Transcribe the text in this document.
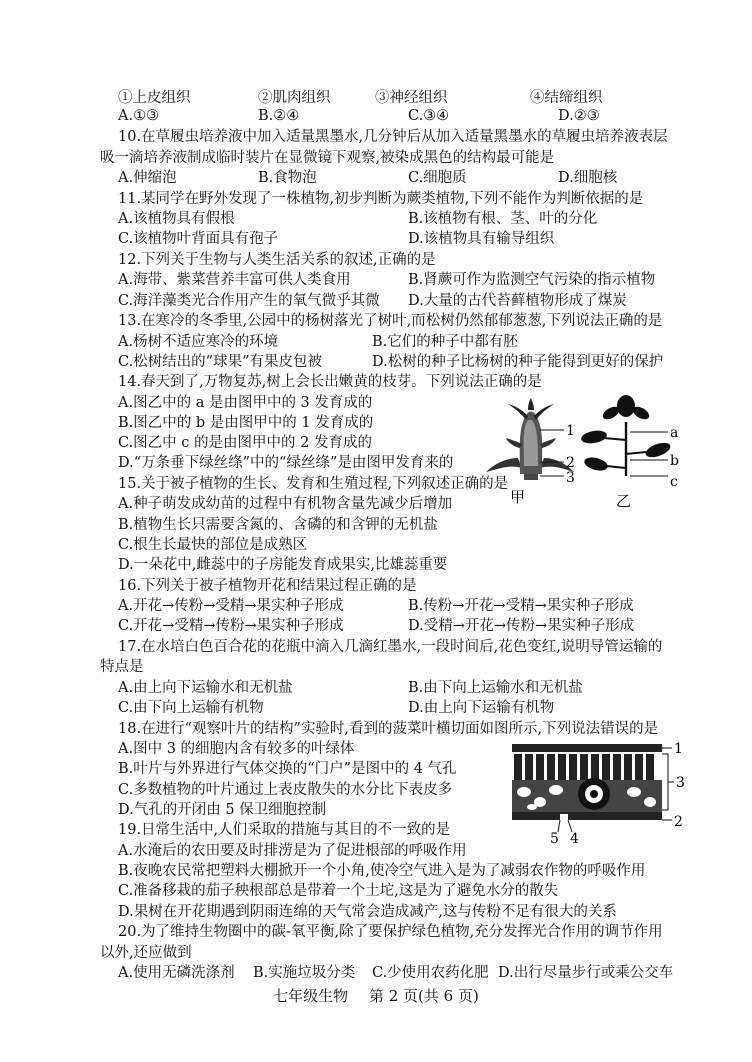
①上皮组织	②肌肉组织	③神经组织	④结缔组织
A.①③	B.②④	C.③④	D.②③
10.在草履虫培养液中加入适量黑墨水,几分钟后从加入适量黑墨水的草履虫培养液表层
吸一滴培养液制成临时装片在显微镜下观察,被染成黑色的结构最可能是
A.伸缩泡	B.食物泡	C.细胞质	D.细胞核
11.某同学在野外发现了一株植物,初步判断为蕨类植物,下列不能作为判断依据的是
A.该植物具有假根	B.该植物有根、茎、叶的分化
C.该植物叶背面具有孢子	D.该植物具有输导组织
12.下列关于生物与人类生活关系的叙述,正确的是
A.海带、紫菜营养丰富可供人类食用	B.肾蕨可作为监测空气污染的指示植物
C.海洋藻类光合作用产生的氧气微乎其微 D.大量的古代苔藓植物形成了煤炭
13.在寒冷的冬季里,公园中的杨树落光了树叶,而松树仍然郁郁葱葱,下列说法正确的是
A.杨树不适应寒冷的环境	B.它们的种子中都有胚
C.松树结出的“球果”有果皮包被	D.松树的种子比杨树的种子能得到更好的保护
14.春天到了,万物复苏,树上会长出嫩黄的枝芽。下列说法正确的是
A.图乙中的 a 是由图甲中的 3 发育成的
B.图乙中的 b 是由图甲中的 1 发育成的
C.图乙中 c 的是由图甲中的 2 发育成的
D.“万条垂下绿丝绦”中的“绿丝绦”是由图甲发育来的
1
2
3
甲
a
b
c
乙
15.关于被子植物的生长、发育和生殖过程,下列叙述正确的是
A.种子萌发成幼苗的过程中有机物含量先减少后增加
B.植物生长只需要含氮的、含磷的和含钾的无机盐
C.根生长最快的部位是成熟区
D.一朵花中,雌蕊中的子房能发育成果实,比雄蕊重要
16.下列关于被子植物开花和结果过程正确的是
A.开花→传粉→受精→果实种子形成	B.传粉→开花→受精→果实种子形成
C.开花→受精→传粉→果实种子形成	D.受精→开花→传粉→果实种子形成
17.在水培白色百合花的花瓶中滴入几滴红墨水,一段时间后,花色变红,说明导管运输的
特点是
A.由上向下运输水和无机盐	B.由下向上运输水和无机盐
C.由下向上运输有机物	D.由上向下运输有机物
18.在进行“观察叶片的结构”实验时,看到的菠菜叶横切面如图所示,下列说法错误的是
A.图中 3 的细胞内含有较多的叶绿体
B.叶片与外界进行气体交换的“门户”是图中的 4 气孔
C.多数植物的叶片通过上表皮散失的水分比下表皮多
D.气孔的开闭由 5 保卫细胞控制
1
3
2
5 4
19.日常生活中,人们采取的措施与其目的不一致的是
A.水淹后的农田要及时排涝是为了促进根部的呼吸作用
B.夜晚农民常把塑料大棚掀开一个小角,使冷空气进入是为了减弱农作物的呼吸作用
C.准备移栽的茄子秧根部总是带着一个土坨,这是为了避免水分的散失
D.果树在开花期遇到阴雨连绵的天气常会造成减产,这与传粉不足有很大的关系
20.为了维持生物圈中的碳-氧平衡,除了要保护绿色植物,充分发挥光合作用的调节作用
以外,还应做到
A.使用无磷洗涤剂 B.实施垃圾分类 C.少使用农药化肥 D.出行尽量步行或乘公交车
七年级生物 第 2 页(共 6 页)
